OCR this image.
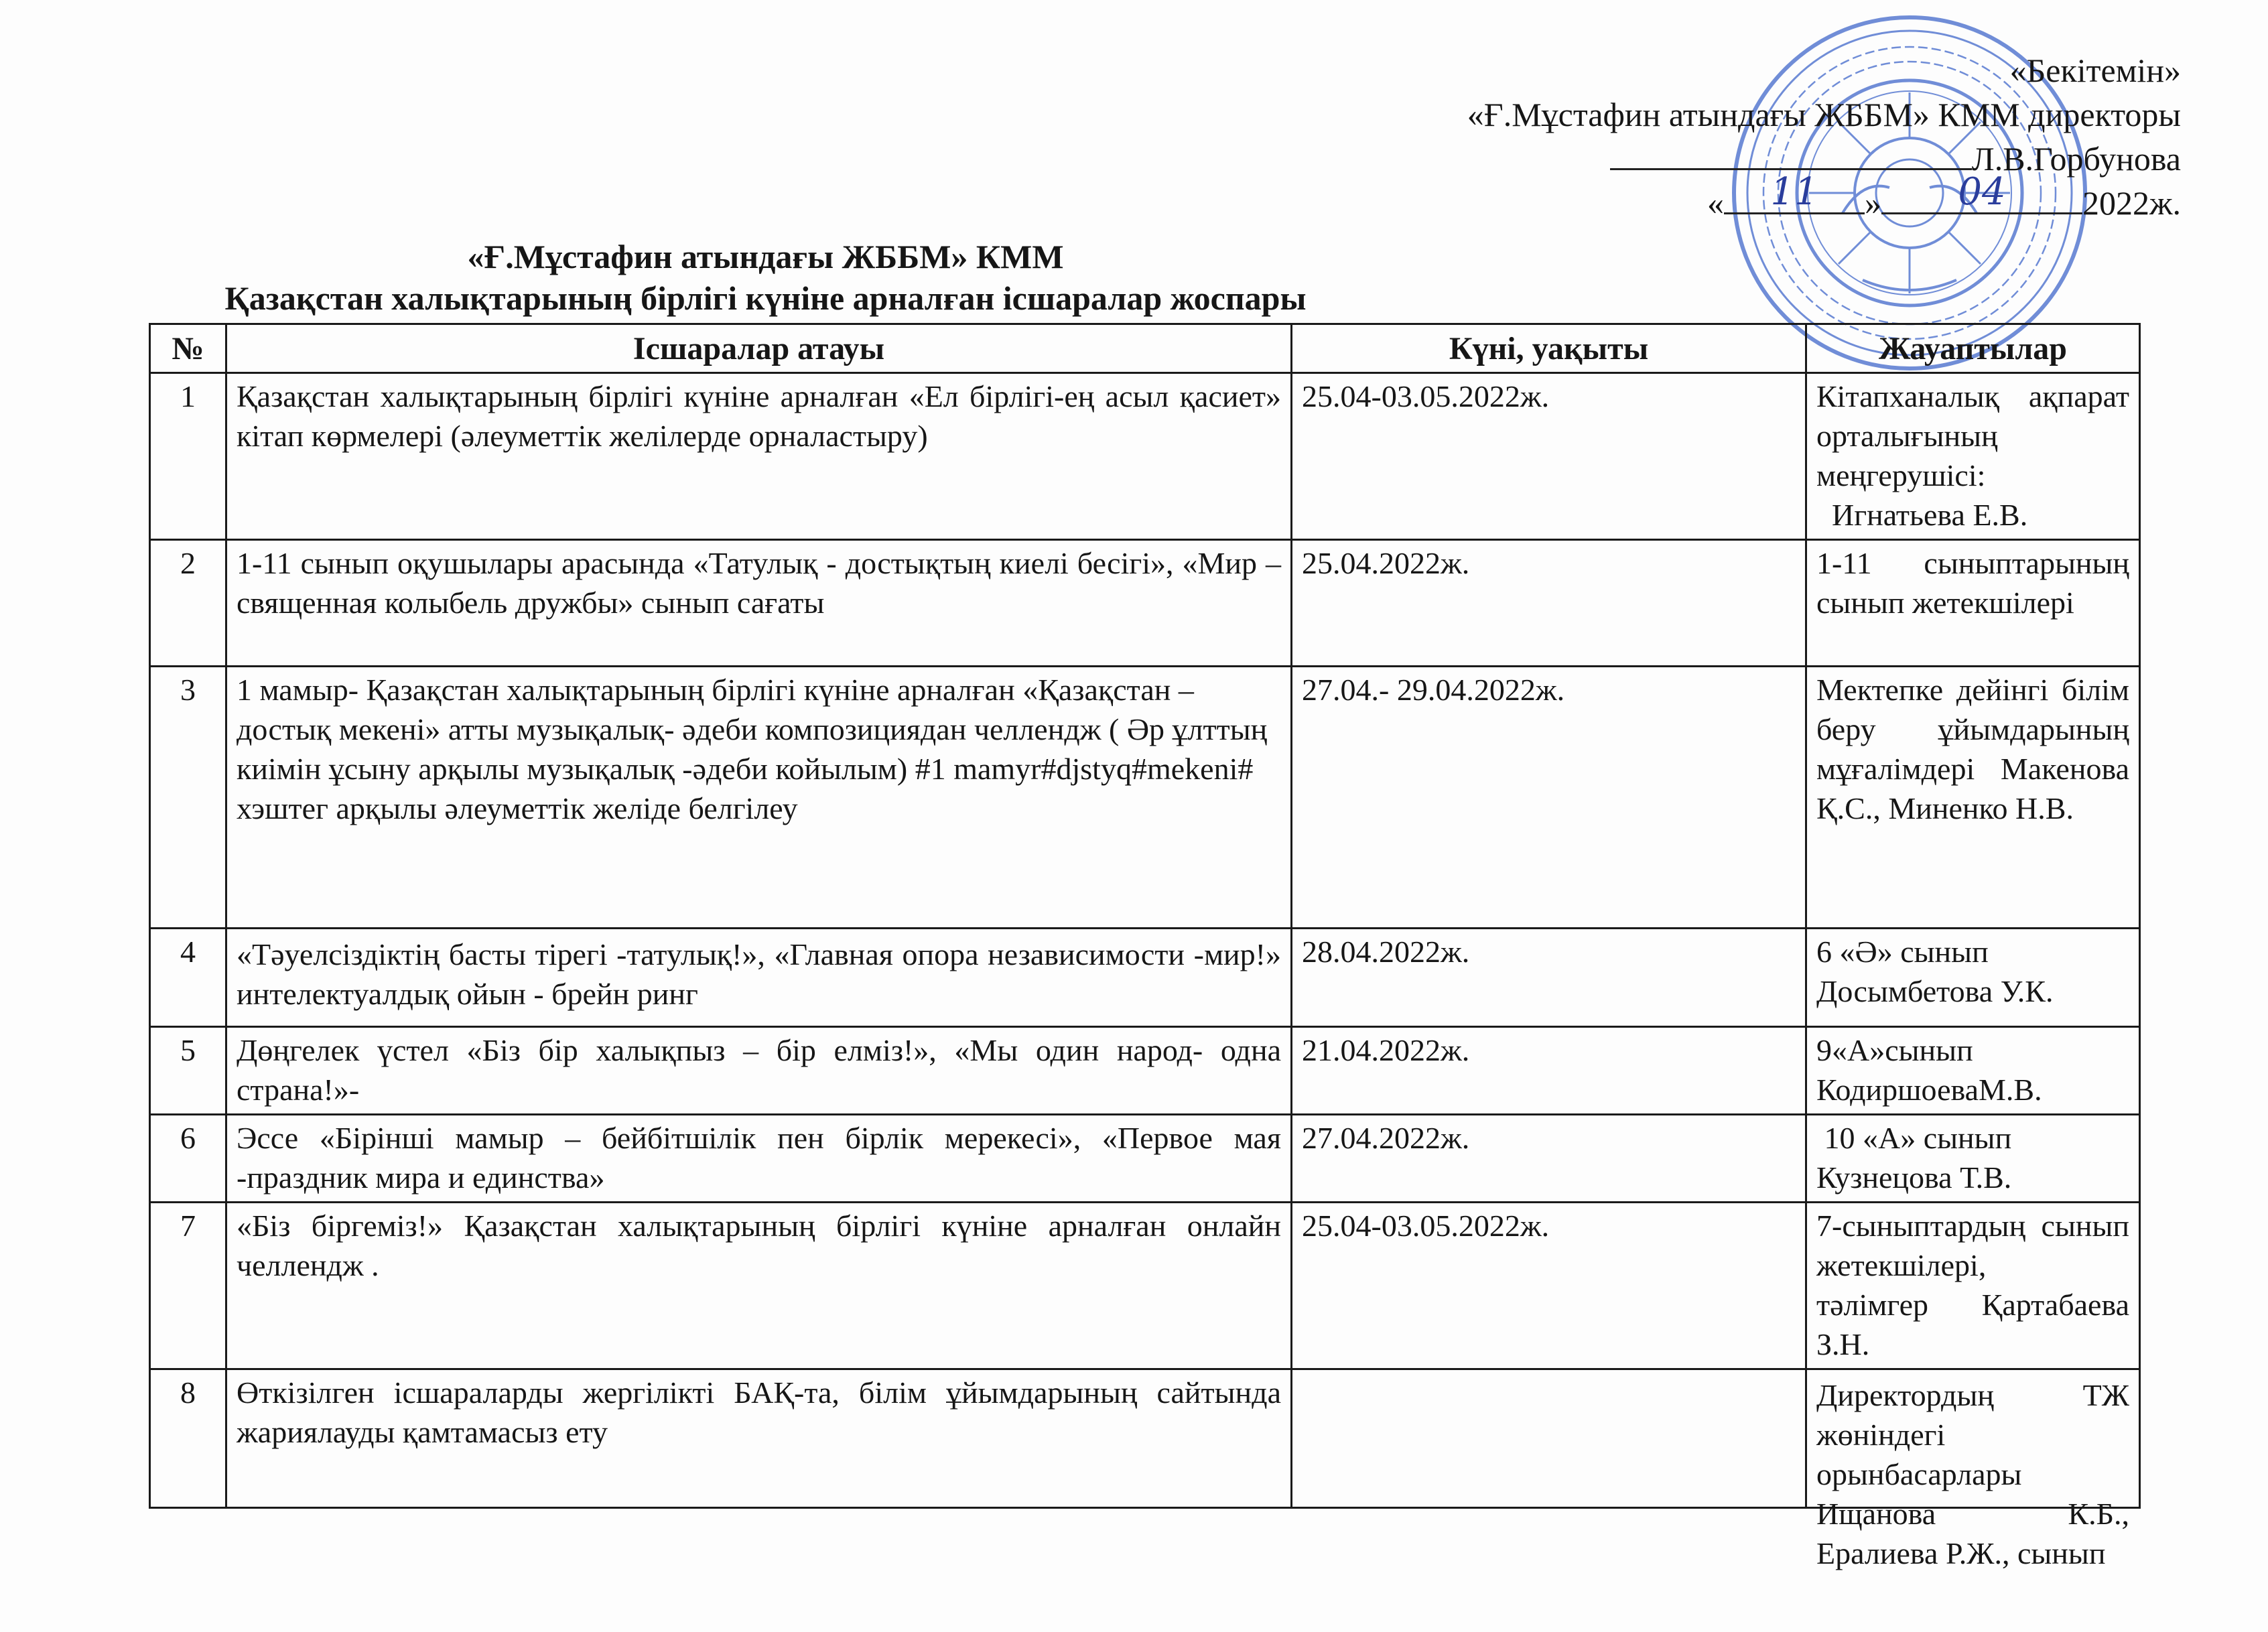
«Бекітемін»
«Ғ.Мұстафин атындағы ЖББМ» КММ директоры
Л.В.Горбунова
« 11 » 04 2022ж.
«Ғ.Мұстафин атындағы ЖББМ» КММ
Қазақстан халықтарының бірлігі күніне арналған ісшаралар жоспары
№	Ісшаралар атауы	Күні, уақыты	Жауаптылар
1	Қазақстан халықтарының бірлігі күніне арналған «Ел бірлігі-ең асыл қасиет» кітап көрмелері (әлеуметтік желілерде орналастыру)	25.04-03.05.2022ж.	Кітапханалық ақпарат орталығының меңгерушісі:
Игнатьева Е.В.

2	1-11 сынып оқушылары арасында «Татулық - достықтың киелі бесігі», «Мир – священная колыбель дружбы» сынып сағаты	25.04.2022ж.	1-11 сыныптарының сынып жетекшілері

3	1 мамыр- Қазақстан халықтарының бірлігі күніне арналған «Қазақстан – достық мекені» атты музықалық- әдеби композициядан челлендж ( Әр ұлттың киімін ұсыну арқылы музықалық -әдеби койылым) #1 mamyr#djstyq#mekeni# хэштег арқылы әлеуметтік желіде белгілеу	27.04.- 29.04.2022ж.	Мектепке дейінгі білім беру ұйымдарының мұғалімдері Макенова Қ.С., Миненко Н.В.

4	«Тәуелсіздіктің басты тірегі -татулық!», «Главная опора независимости -мир!» интелектуалдық ойын - брейн ринг	28.04.2022ж.	6 «Ә» сынып
Досымбетова У.К.

5	Дөңгелек үстел «Біз бір халықпыз – бір елміз!», «Мы один народ- одна страна!»-	21.04.2022ж.	9«А»сынып
КодиршоеваМ.В.

6	Эссе «Бірінші мамыр – бейбітшілік пен бірлік мерекесі», «Первое мая -праздник мира и единства»	27.04.2022ж.	10 «А» сынып
Кузнецова Т.В.

7	«Біз біргеміз!» Қазақстан халықтарының бірлігі күніне арналған онлайн челлендж .	25.04-03.05.2022ж.	7-сыныптардың сынып жетекшілері,
тәлімгер Қартабаева З.Н.

8	Өткізілген ісшараларды жергілікті БАҚ-та, білім ұйымдарының сайтында жариялауды қамтамасыз ету		Директордың ТЖ жөніндегі орынбасарлары Ищанова К.Б., Ералиева Р.Ж., сынып
